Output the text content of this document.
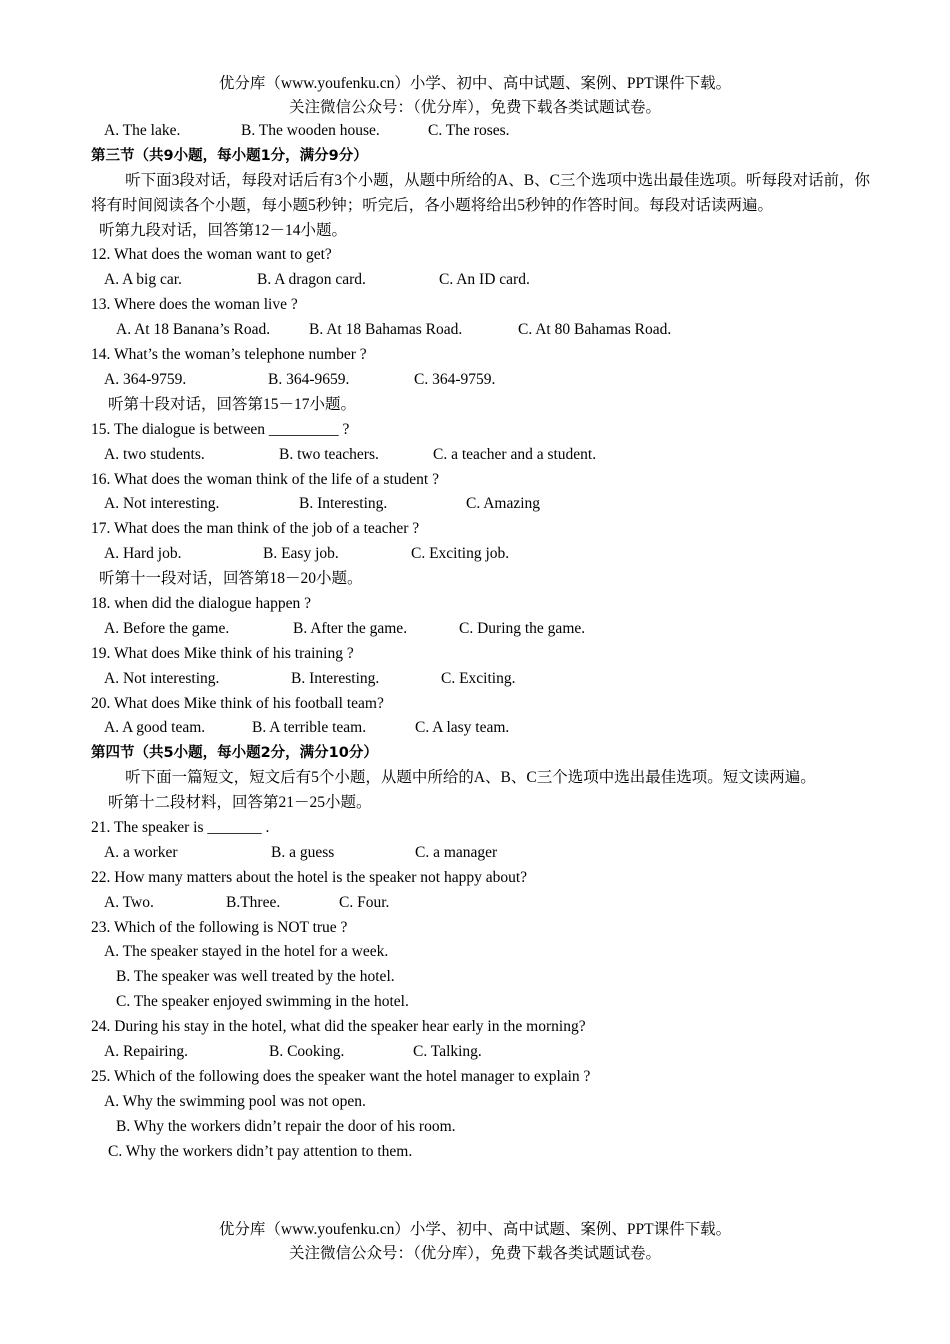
优分库（www.youfenku.cn）小学、初中、高中试题、案例、PPT课件下载。
关注微信公众号：（优分库），免费下载各类试题试卷。
A. The lake.	B. The wooden house.	C. The roses.
第三节（共9小题，每小题1分，满分9分）

听下面3段对话，每段对话后有3个小题，从题中所给的A、B、C三个选项中选出最佳选项。听每段对话前，你将有时间阅读各个小题，每小题5秒钟；听完后，各小题将给出5秒钟的作答时间。每段对话读两遍。

听第九段对话，回答第12－14小题。
12. What does the woman want to get?
A. A big car.	B. A dragon card.	C. An ID card.
13. Where does the woman live ?
A. At 18 Banana’s Road.	B. At 18 Bahamas Road.	C. At 80 Bahamas Road.
14. What’s the woman’s telephone number ?
A. 364-9759.	B. 364-9659.	C. 364-9759.
听第十段对话，回答第15－17小题。
15. The dialogue is between _________ ?
A. two students.	B. two teachers.	C. a teacher and a student.
16. What does the woman think of the life of a student ?
A. Not interesting.	B. Interesting.	C. Amazing
17. What does the man think of the job of a teacher ?
A. Hard job.	B. Easy job.	C. Exciting job.
听第十一段对话，回答第18－20小题。
18. when did the dialogue happen ?
A. Before the game.	B. After the game.	C. During the game.
19. What does Mike think of his training ?
A. Not interesting.	B. Interesting.	C. Exciting.
20. What does Mike think of his football team?
A. A good team.	B. A terrible team.	C. A lasy team.
第四节（共5小题，每小题2分，满分10分）

听下面一篇短文，短文后有5个小题，从题中所给的A、B、C三个选项中选出最佳选项。短文读两遍。

听第十二段材料，回答第21－25小题。
21. The speaker is _______ .
A. a worker	B. a guess	C. a manager
22. How many matters about the hotel is the speaker not happy about?
A. Two.	B.Three.	C. Four.
23. Which of the following is NOT true ?
A. The speaker stayed in the hotel for a week.
B. The speaker was well treated by the hotel.
C. The speaker enjoyed swimming in the hotel.
24. During his stay in the hotel, what did the speaker hear early in the morning?
A. Repairing.	B. Cooking.	C. Talking.
25. Which of the following does the speaker want the hotel manager to explain ?
A. Why the swimming pool was not open.
B. Why the workers didn’t repair the door of his room.
C. Why the workers didn’t pay attention to them.
优分库（www.youfenku.cn）小学、初中、高中试题、案例、PPT课件下载。
关注微信公众号：（优分库），免费下载各类试题试卷。
